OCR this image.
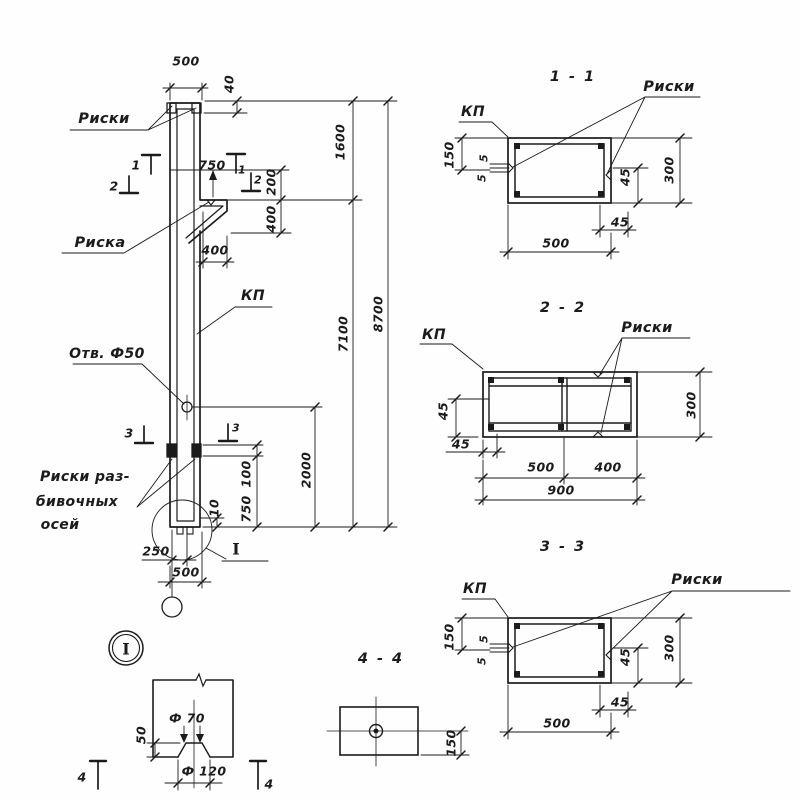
Риски
Риска
КП
Отв. Ф50
Риски раз-
бивочных
осей
I
I
1	1
2	2
3	3
4	4
500
40
750
200
400
400
1600
7100
8700
2000
100
750
10
250
500
1 - 1
КП
Риски
150 5
5	45 300
45
500
2 - 2
КП	Риски
45
45
500	400
900
300
3 - 3
КП
Риски
150 5
5	45 300
45
500
4 - 4
150
Ф 70
Ф 120
50
